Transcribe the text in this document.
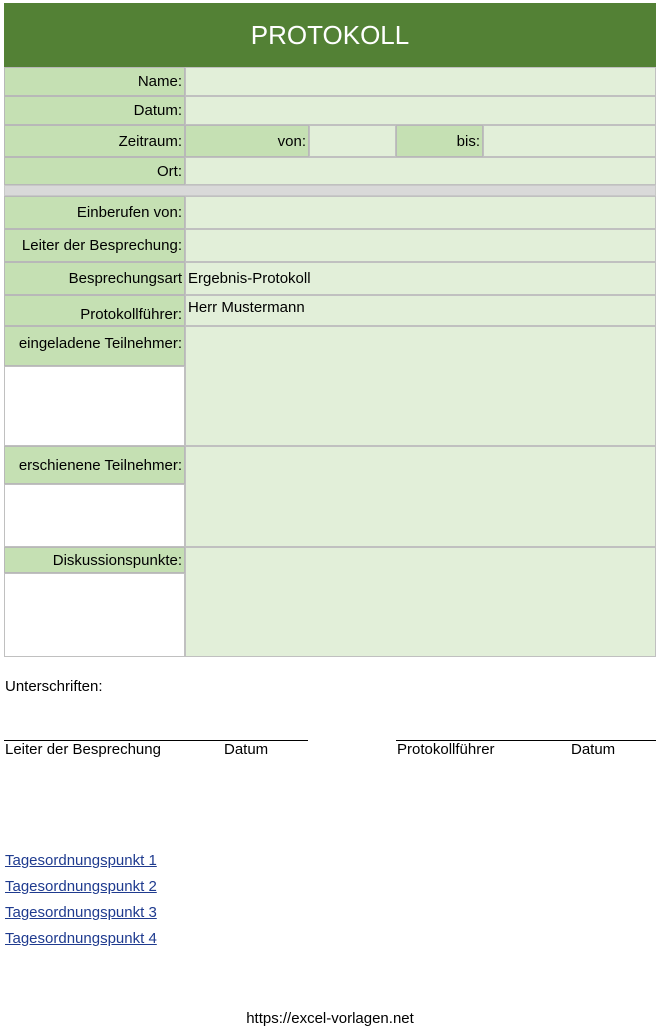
PROTOKOLL
Name:
Datum:
Zeitraum:	von:	bis:
Ort:
Einberufen von:
Leiter der Besprechung:
Besprechungsart Ergebnis-Protokoll
Protokollführer: Herr Mustermann
eingeladene Teilnehmer:
erschienene Teilnehmer:
Diskussionspunkte:
Unterschriften:
Leiter der Besprechung	Datum	Protokollführer	Datum
Tagesordnungspunkt 1
Tagesordnungspunkt 2
Tagesordnungspunkt 3
Tagesordnungspunkt 4
https://excel-vorlagen.net
